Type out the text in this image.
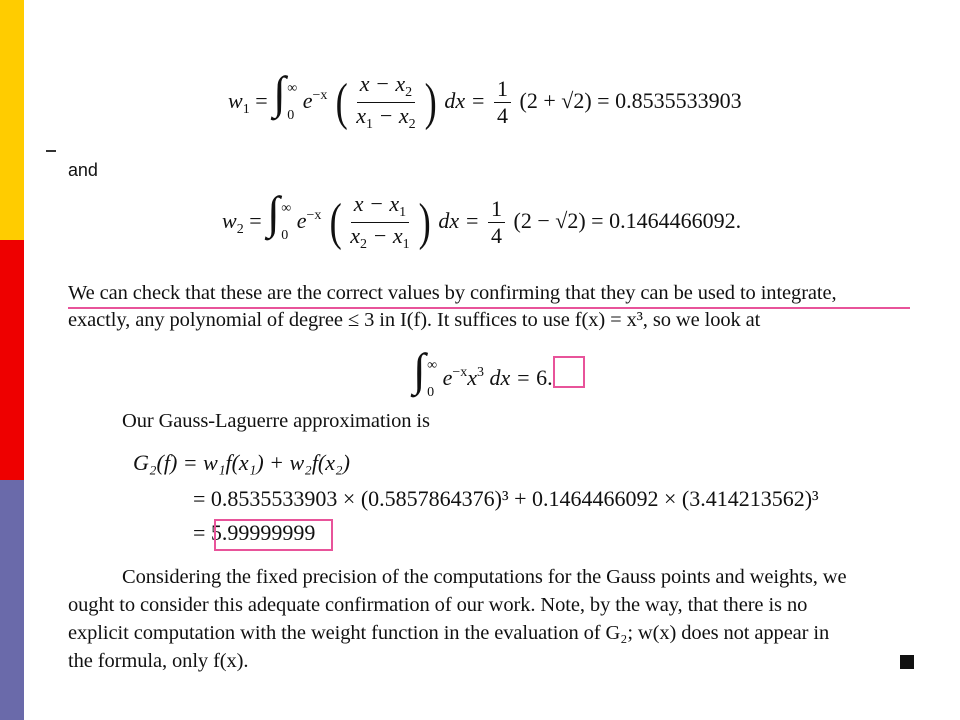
$w_1$ = ∫ ∞
0
$e^{-x}$ ( $\frac{x - x_2}{x_1 - x_2}$ ) dx = $\frac{1}{4} (2 + √2) = 0.8535533903$
and
$w_2$ = ∫ ∞
0
$e^{-x}$ ( $\frac{x - x_1}{x_2 - x_1}$ ) dx = $\frac{1}{4} (2 - √2) = 0.1464466092$.
We can check that these are the correct values by confirming that they can be used to integrate,
exactly, any polynomial of degree ≤ 3 in I(f). It suffices to use f(x) = x³, so we look at
∫ ∞
0
$e^{-x}x^3$ dx = 6.
Our Gauss-Laguerre approximation is
G₂(f) = w₁f(x₁) + w₂f(x₂)
= 0.8535533903 × (0.5857864376)³ + 0.1464466092 × (3.414213562)³
= 5.99999999
Considering the fixed precision of the computations for the Gauss points and weights, we
ought to consider this adequate confirmation of our work. Note, by the way, that there is no
explicit computation with the weight function in the evaluation of G₂; w(x) does not appear in
the formula, only f(x).
